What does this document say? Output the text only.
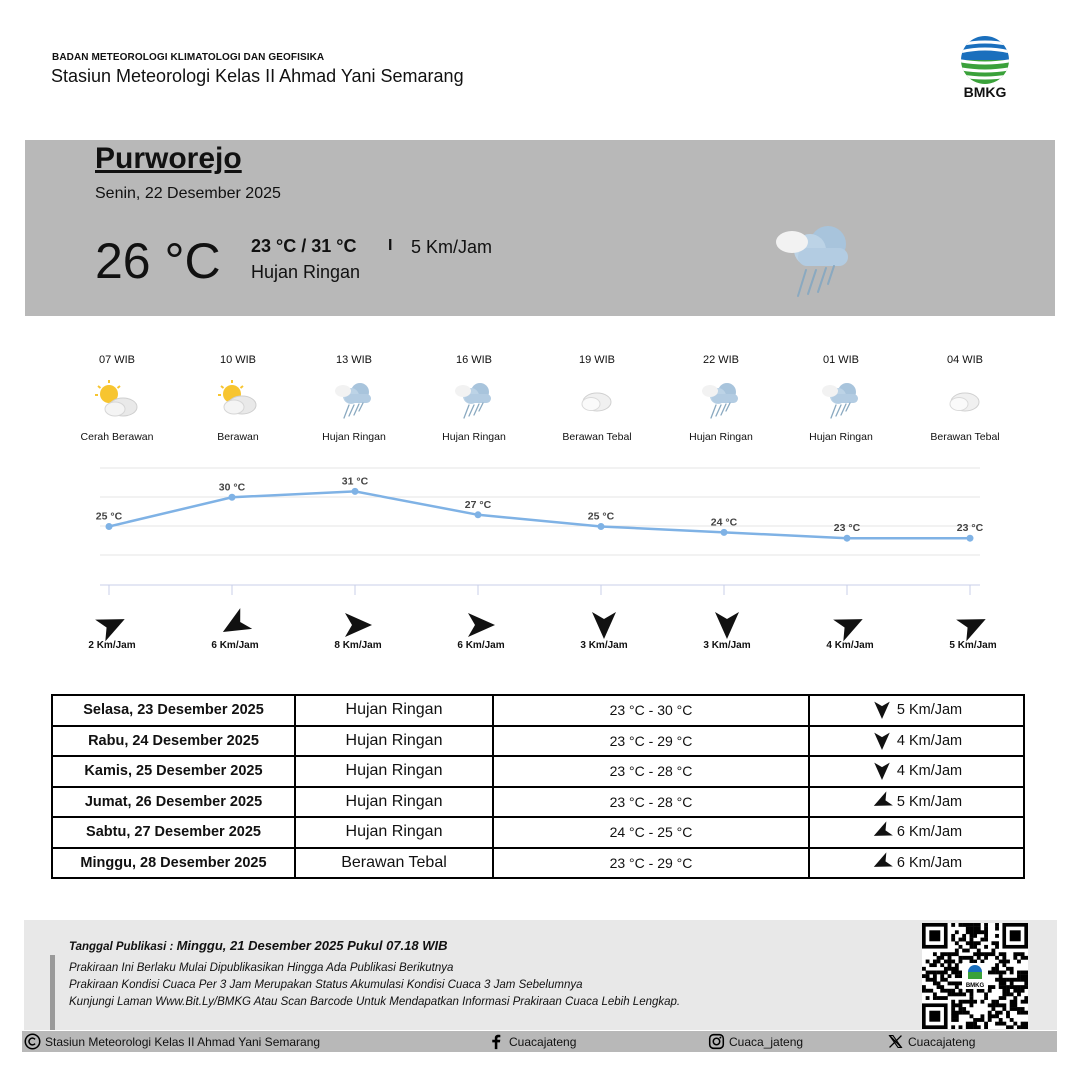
BADAN METEOROLOGI KLIMATOLOGI DAN GEOFISIKA
Stasiun Meteorologi Kelas II Ahmad Yani Semarang
BMKG
Purworejo
Senin, 22 Desember 2025
26 °C 23 °C / 31 °C I 5 Km/Jam
Hujan Ringan
07 WIB
Cerah Berawan
10 WIB
Berawan
13 WIB
Hujan Ringan
16 WIB
Hujan Ringan
19 WIB
Berawan Tebal
22 WIB
Hujan Ringan
01 WIB
Hujan Ringan
04 WIB
Berawan Tebal
25 °C
30 °C	31 °C
27 °C
25 °C	24 °C	23 °C	23 °C
2 Km/Jam	6 Km/Jam	8 Km/Jam	6 Km/Jam	3 Km/Jam	3 Km/Jam	4 Km/Jam	5 Km/Jam
Selasa, 23 Desember 2025	Hujan Ringan	23 °C - 30 °C	5 Km/Jam
Rabu, 24 Desember 2025	Hujan Ringan	23 °C - 29 °C	4 Km/Jam
Kamis, 25 Desember 2025	Hujan Ringan	23 °C - 28 °C	4 Km/Jam
Jumat, 26 Desember 2025	Hujan Ringan	23 °C - 28 °C	5 Km/Jam
Sabtu, 27 Desember 2025	Hujan Ringan	24 °C - 25 °C	6 Km/Jam
Minggu, 28 Desember 2025	Berawan Tebal	23 °C - 29 °C	6 Km/Jam
Tanggal Publikasi : Minggu, 21 Desember 2025 Pukul 07.18 WIB
Prakiraan Ini Berlaku Mulai Dipublikasikan Hingga Ada Publikasi Berikutnya
Prakiraan Kondisi Cuaca Per 3 Jam Merupakan Status Akumulasi Kondisi Cuaca 3 Jam Sebelumnya
Kunjungi Laman Www.Bit.Ly/BMKG Atau Scan Barcode Untuk Mendapatkan Informasi Prakiraan Cuaca Lebih Lengkap.
BMKG
Stasiun Meteorologi Kelas II Ahmad Yani Semarang	Cuacajateng	Cuaca_jateng	Cuacajateng
